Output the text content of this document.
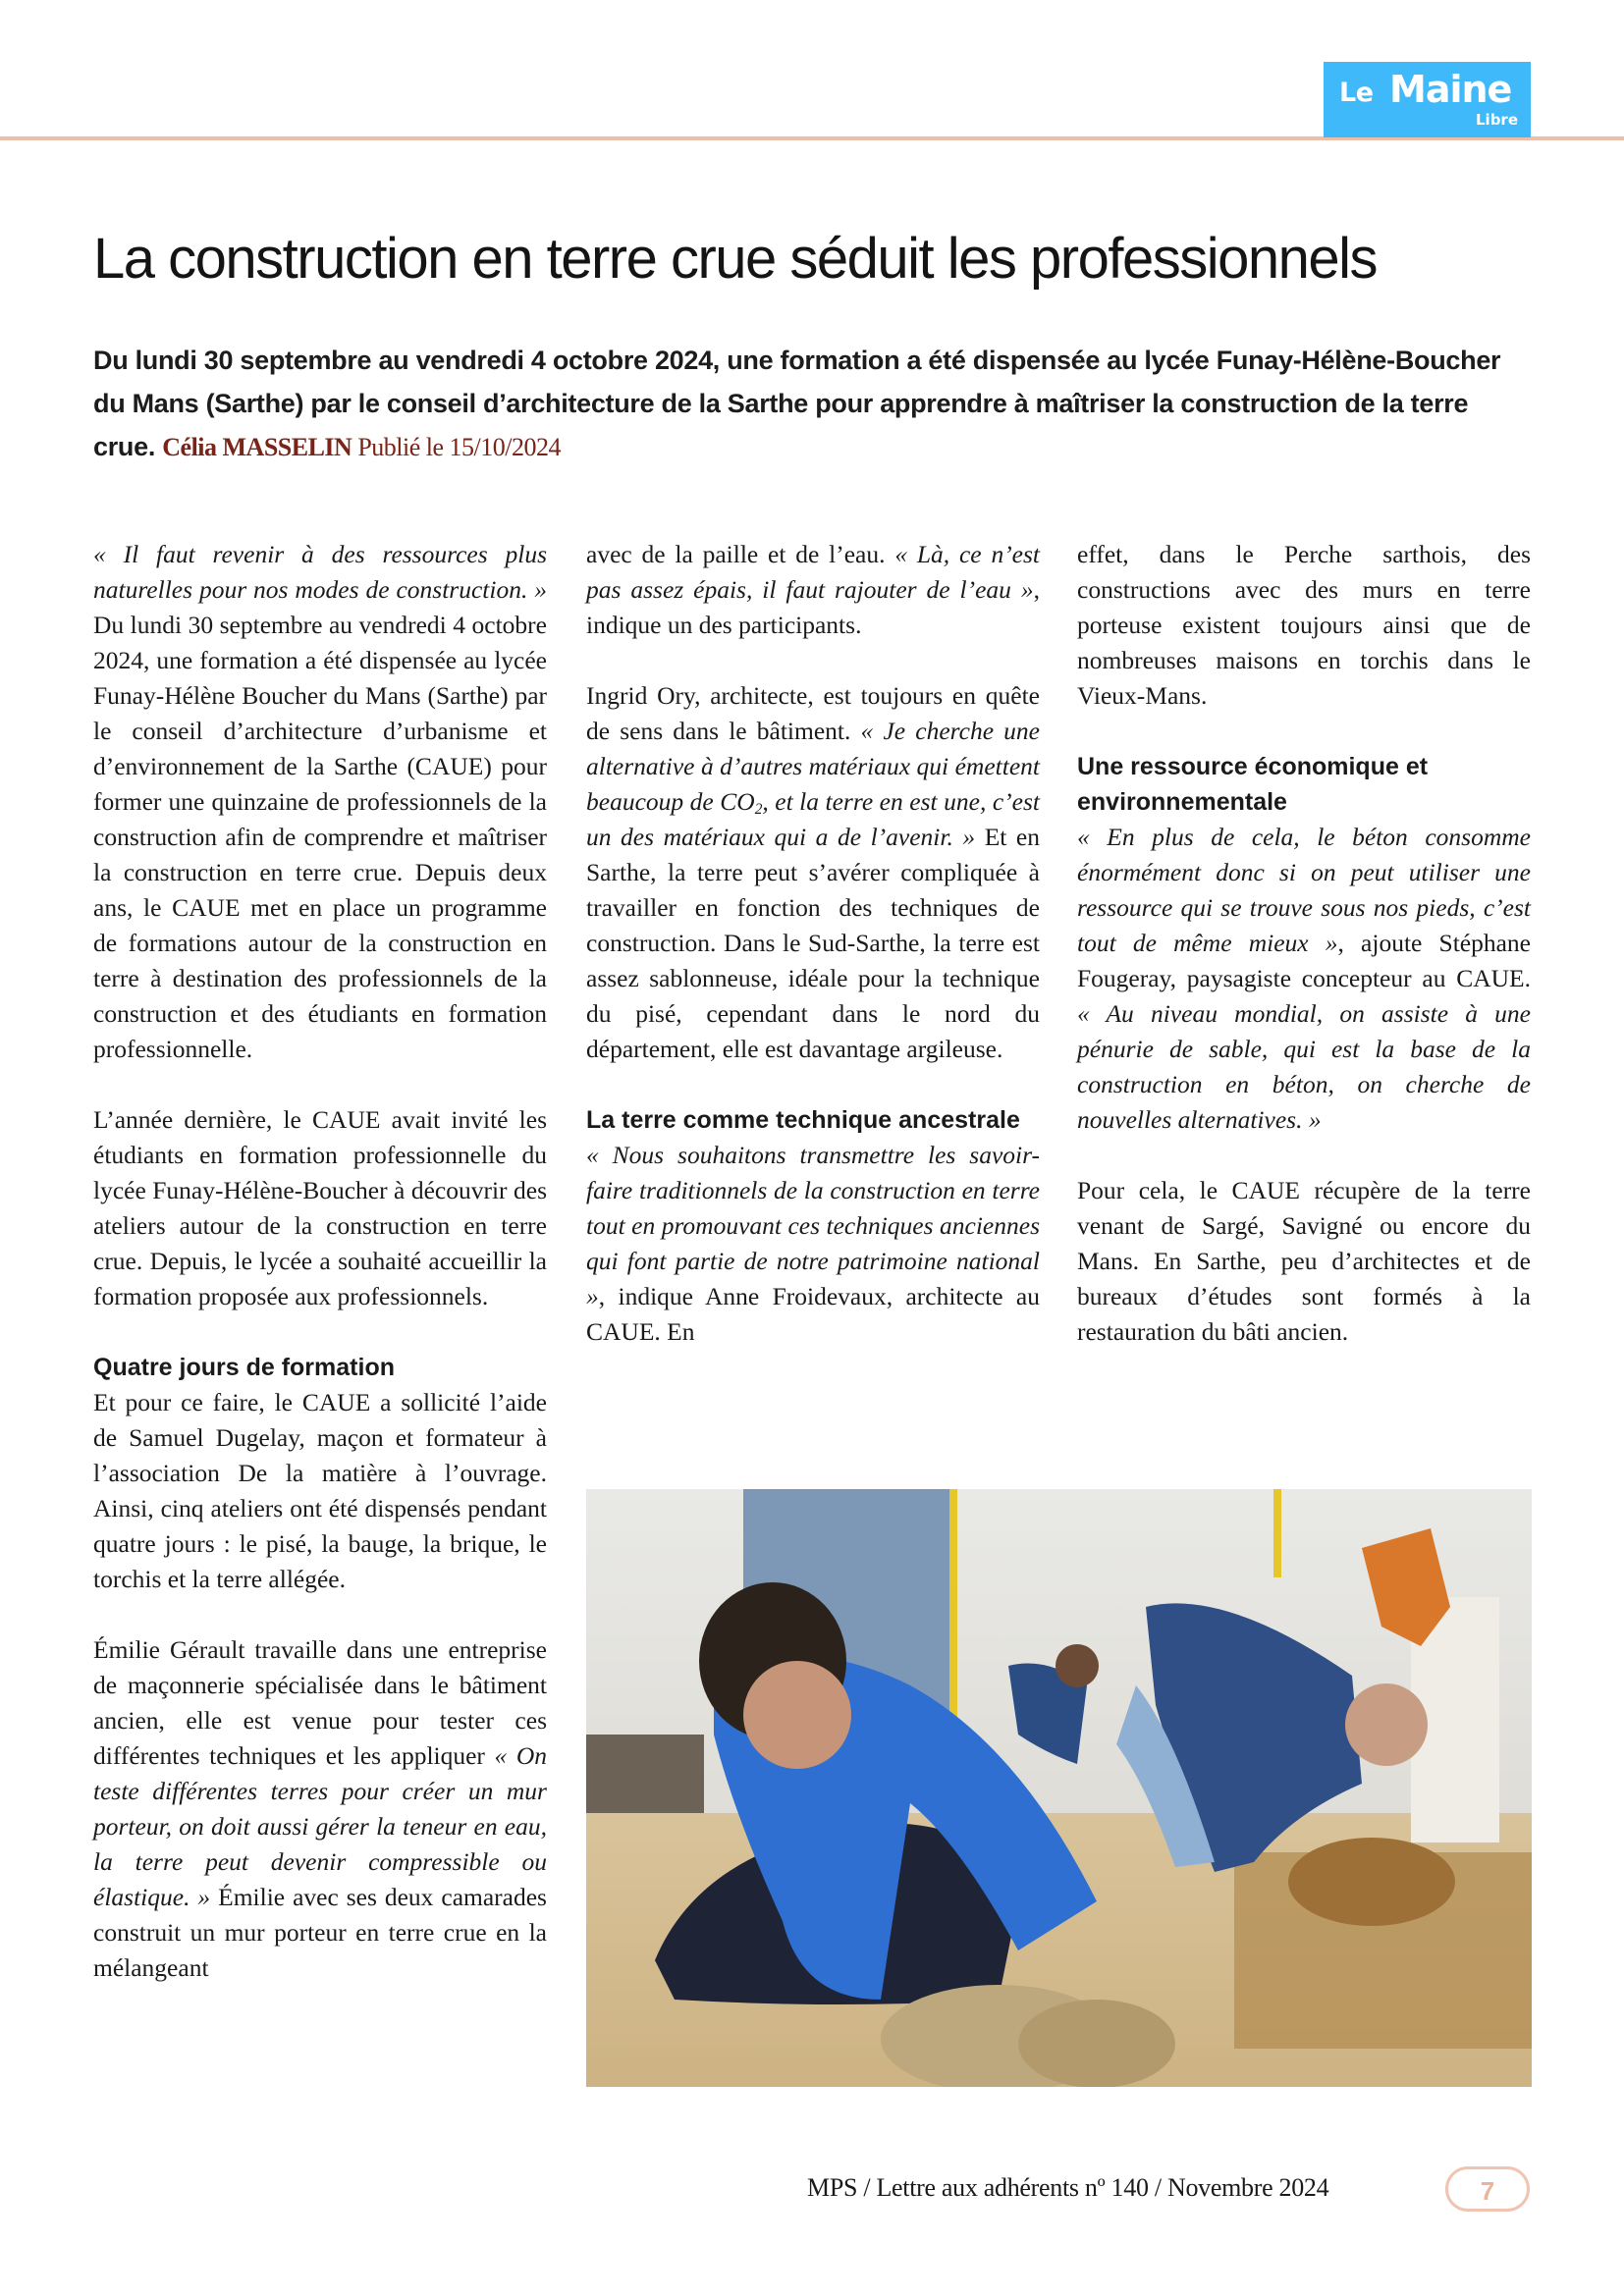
Le Maine
Libre
La construction en terre crue séduit les professionnels

Du lundi 30 septembre au vendredi 4 octobre 2024, une formation a été dispensée au lycée Funay-Hélène-Boucher du Mans (Sarthe) par le conseil d’architecture de la Sarthe pour apprendre à maîtriser la construction de la terre crue. Célia MASSELIN Publié le 15/10/2024

« Il faut revenir à des ressources plus naturelles pour nos modes de construction. » Du lundi 30 septembre au vendredi 4 octobre 2024, une formation a été dispensée au lycée Funay-Hélène Boucher du Mans (Sarthe) par le conseil d’architecture d’urbanisme et d’environnement de la Sarthe (CAUE) pour former une quinzaine de professionnels de la construction afin de comprendre et maîtriser la construction en terre crue. Depuis deux ans, le CAUE met en place un programme de formations autour de la construction en terre à destination des professionnels de la construction et des étudiants en formation professionnelle.

L’année dernière, le CAUE avait invité les étudiants en formation professionnelle du lycée Funay-Hélène-Boucher à découvrir des ateliers autour de la construction en terre crue. Depuis, le lycée a souhaité accueillir la formation proposée aux professionnels.

Quatre jours de formation

Et pour ce faire, le CAUE a sollicité l’aide de Samuel Dugelay, maçon et formateur à l’association De la matière à l’ouvrage. Ainsi, cinq ateliers ont été dispensés pendant quatre jours : le pisé, la bauge, la brique, le torchis et la terre allégée.

Émilie Gérault travaille dans une entreprise de maçonnerie spécialisée dans le bâtiment ancien, elle est venue pour tester ces différentes techniques et les appliquer « On teste différentes terres pour créer un mur porteur, on doit aussi gérer la teneur en eau, la terre peut devenir compressible ou élastique. » Émilie avec ses deux camarades construit un mur porteur en terre crue en la mélangeant

avec de la paille et de l’eau. « Là, ce n’est pas assez épais, il faut rajouter de l’eau », indique un des participants.

Ingrid Ory, architecte, est toujours en quête de sens dans le bâtiment. « Je cherche une alternative à d’autres matériaux qui émettent beaucoup de $CO_2$, et la terre en est une, c’est un des matériaux qui a de l’avenir. » Et en Sarthe, la terre peut s’avérer compliquée à travailler en fonction des techniques de construction. Dans le Sud-Sarthe, la terre est assez sablonneuse, idéale pour la technique du pisé, cependant dans le nord du département, elle est davantage argileuse.

La terre comme technique ancestrale

« Nous souhaitons transmettre les savoir-faire traditionnels de la construction en terre tout en promouvant ces techniques anciennes qui font partie de notre patrimoine national », indique Anne Froidevaux, architecte au CAUE. En

effet, dans le Perche sarthois, des constructions avec des murs en terre porteuse existent toujours ainsi que de nombreuses maisons en torchis dans le Vieux-Mans.

Une ressource économique et environnementale

« En plus de cela, le béton consomme énormément donc si on peut utiliser une ressource qui se trouve sous nos pieds, c’est tout de même mieux », ajoute Stéphane Fougeray, paysagiste concepteur au CAUE. « Au niveau mondial, on assiste à une pénurie de sable, qui est la base de la construction en béton, on cherche de nouvelles alternatives. »

Pour cela, le CAUE récupère de la terre venant de Sargé, Savigné ou encore du Mans. En Sarthe, peu d’architectes et de bureaux d’études sont formés à la restauration du bâti ancien.

MPS / Lettre aux adhérents nº 140 / Novembre 2024	7
